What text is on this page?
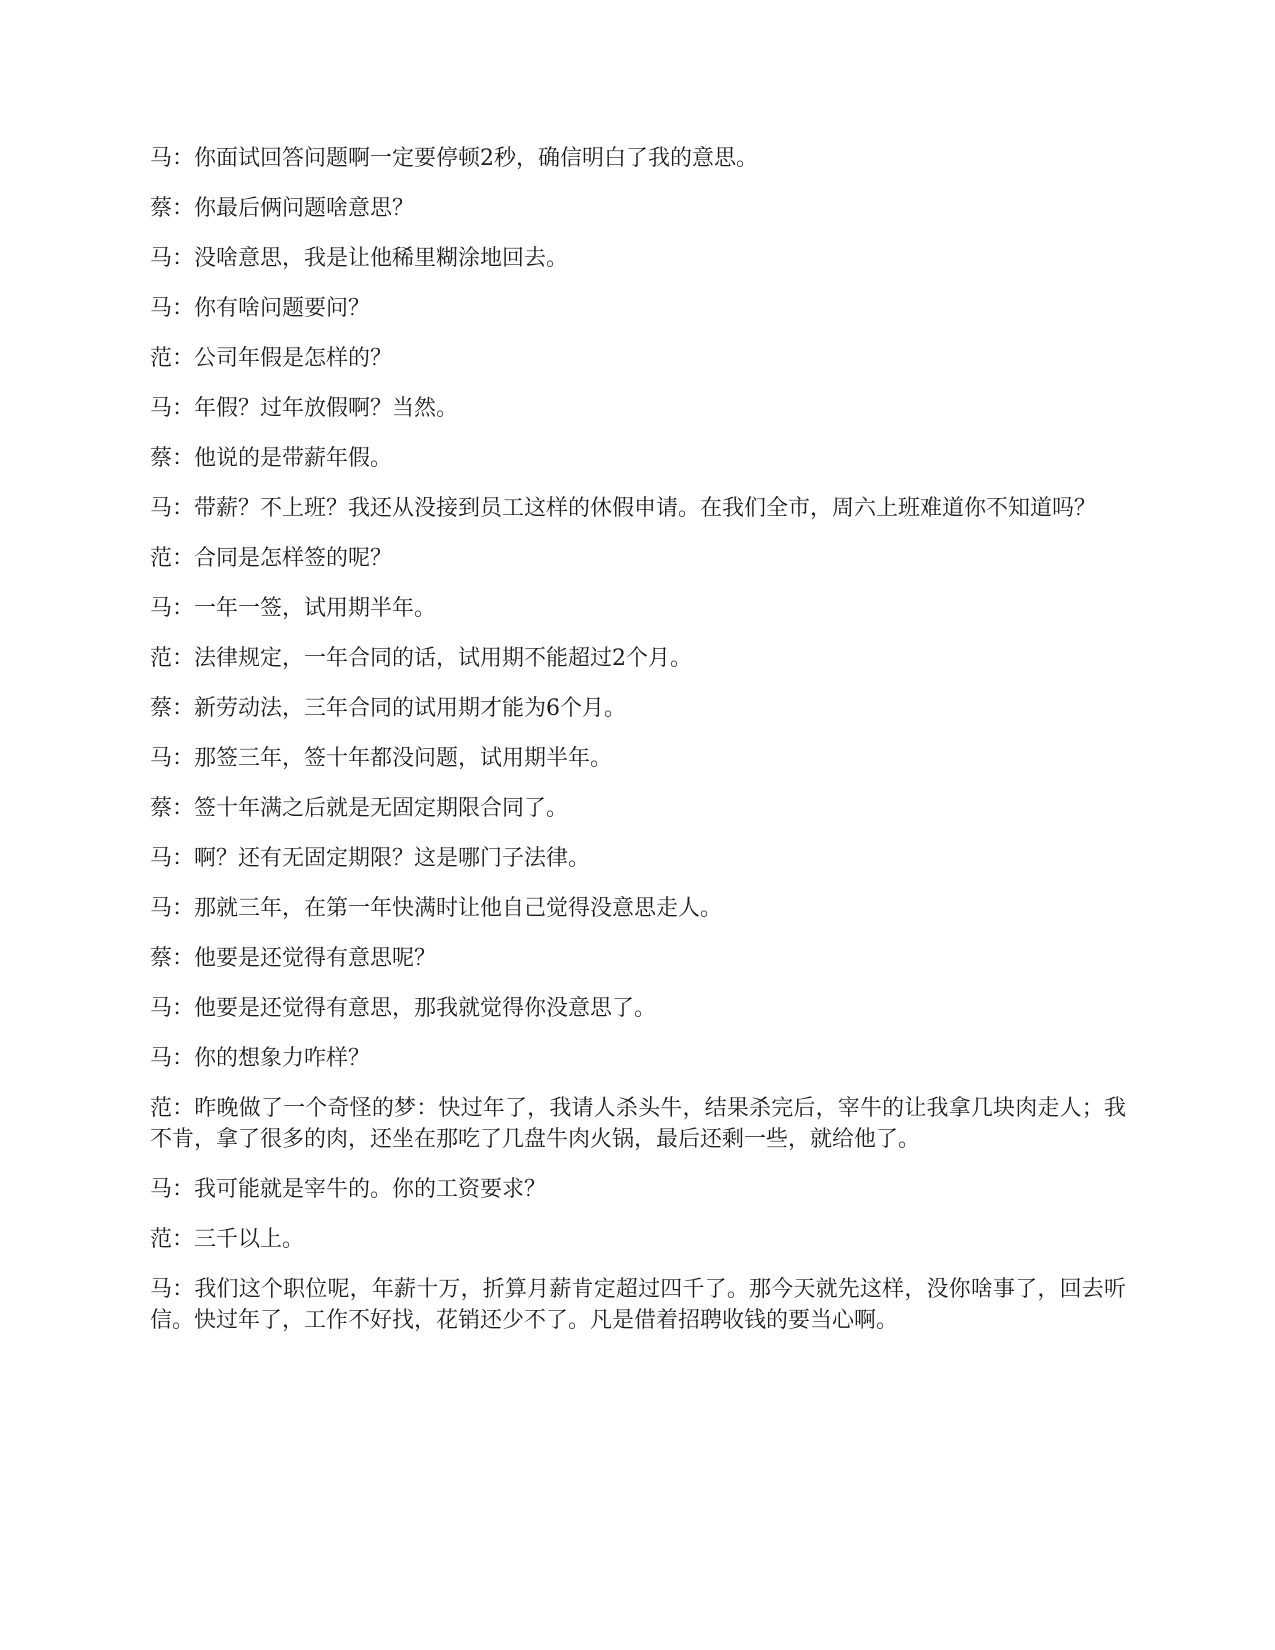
马：你面试回答问题啊一定要停顿2秒，确信明白了我的意思。

蔡：你最后俩问题啥意思？

马：没啥意思，我是让他稀里糊涂地回去。

马：你有啥问题要问？

范：公司年假是怎样的？

马：年假？过年放假啊？当然。

蔡：他说的是带薪年假。

马：带薪？不上班？我还从没接到员工这样的休假申请。在我们全市，周六上班难道你不知道吗？

范：合同是怎样签的呢？

马：一年一签，试用期半年。

范：法律规定，一年合同的话，试用期不能超过2个月。

蔡：新劳动法，三年合同的试用期才能为6个月。

马：那签三年，签十年都没问题，试用期半年。

蔡：签十年满之后就是无固定期限合同了。

马：啊？还有无固定期限？这是哪门子法律。

马：那就三年，在第一年快满时让他自己觉得没意思走人。

蔡：他要是还觉得有意思呢？

马：他要是还觉得有意思，那我就觉得你没意思了。

马：你的想象力咋样？

范：昨晚做了一个奇怪的梦：快过年了，我请人杀头牛，结果杀完后，宰牛的让我拿几块肉走人；我不肯，拿了很多的肉，还坐在那吃了几盘牛肉火锅，最后还剩一些，就给他了。

马：我可能就是宰牛的。你的工资要求？

范：三千以上。

马：我们这个职位呢，年薪十万，折算月薪肯定超过四千了。那今天就先这样，没你啥事了，回去听信。快过年了，工作不好找，花销还少不了。凡是借着招聘收钱的要当心啊。
